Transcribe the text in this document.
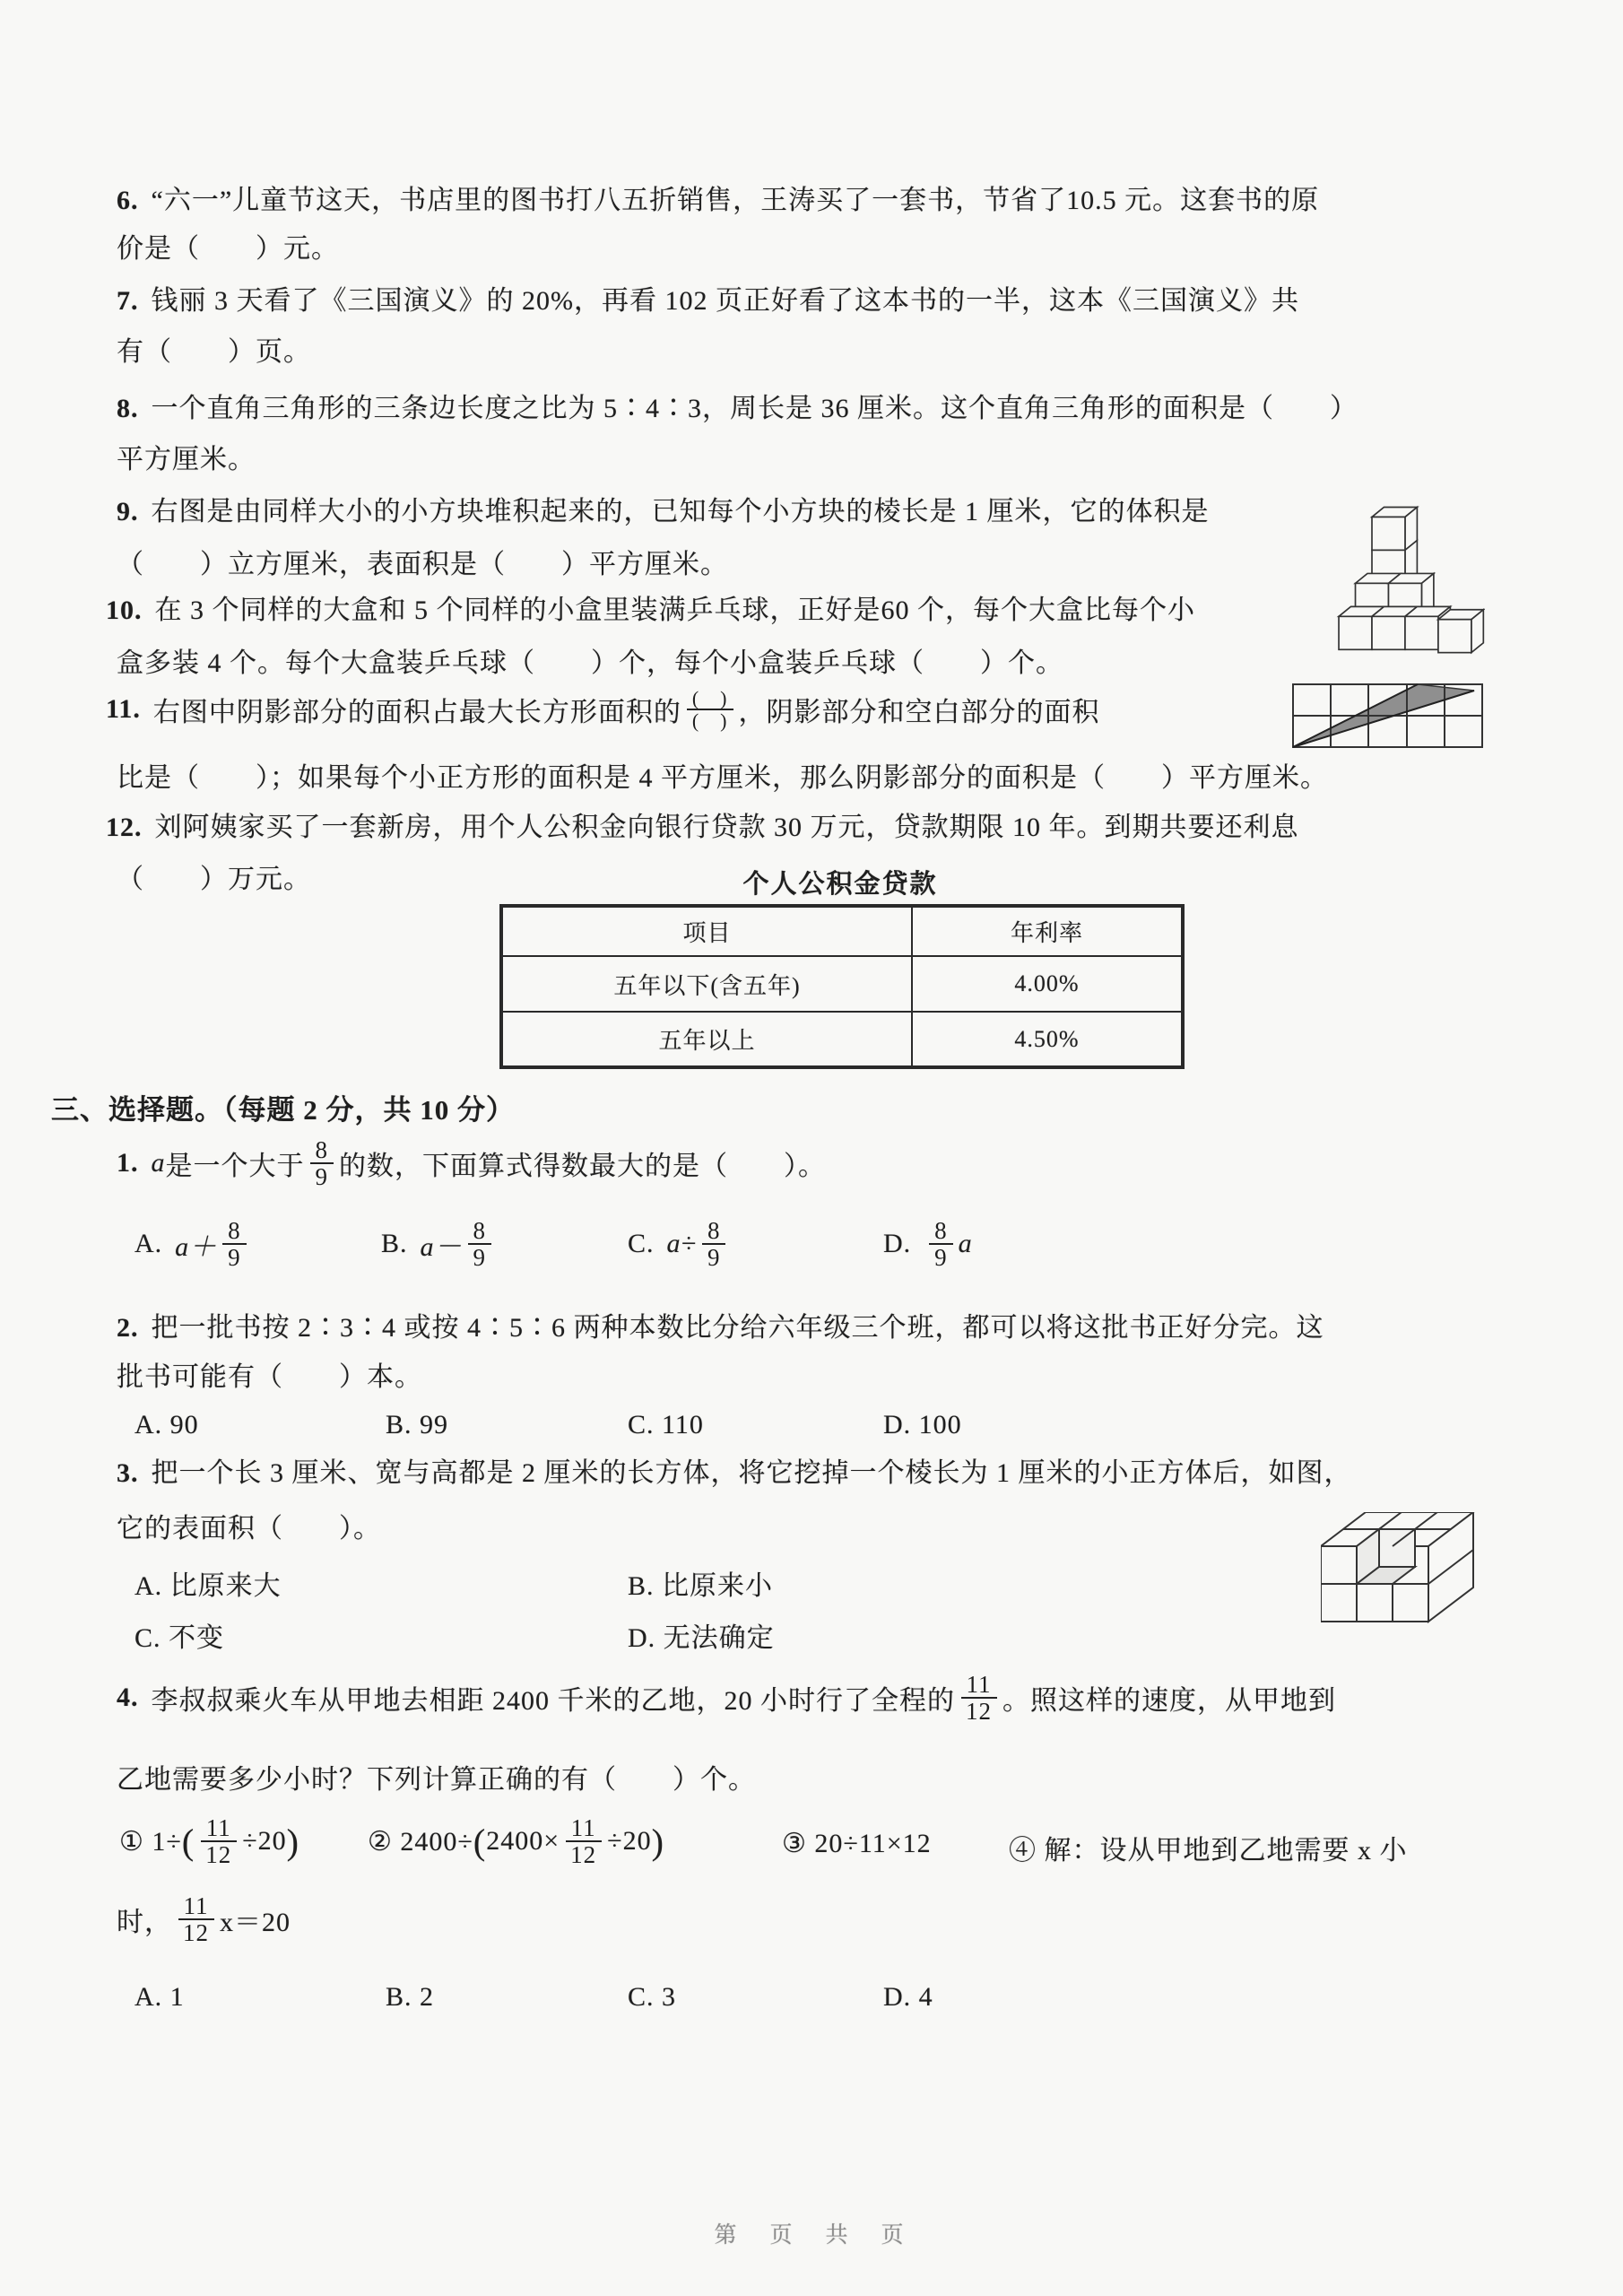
6. “六一”儿童节这天，书店里的图书打八五折销售，王涛买了一套书，节省了10.5 元。这套书的原
价是（　　）元。
7. 钱丽 3 天看了《三国演义》的 20%，再看 102 页正好看了这本书的一半，这本《三国演义》共
有（　　）页。
8. 一个直角三角形的三条边长度之比为 5∶4∶3，周长是 36 厘米。这个直角三角形的面积是（　　）
平方厘米。
9. 右图是由同样大小的小方块堆积起来的，已知每个小方块的棱长是 1 厘米，它的体积是
（　　）立方厘米，表面积是（　　）平方厘米。
10. 在 3 个同样的大盒和 5 个同样的小盒里装满乒乓球，正好是60 个，每个大盒比每个小
盒多装 4 个。每个大盒装乒乓球（　　）个，每个小盒装乒乓球（　　）个。
11. 右图中阴影部分的面积占最大长方形面积的 (　)
(　) ，阴影部分和空白部分的面积
比是（　　）；如果每个小正方形的面积是 4 平方厘米，那么阴影部分的面积是（　　）平方厘米。
12. 刘阿姨家买了一套新房，用个人公积金向银行贷款 30 万元，贷款期限 10 年。到期共要还利息
（　　）万元。	个人公积金贷款
项目	年利率
五年以下(含五年)	4.00%
五年以上	4.50%
三、选择题。（每题 2 分，共 10 分）
1. a 是一个大于
8
9 的数，下面算式得数最大的是（　　）。
A. a＋
8
9	B. a－
8
9	C. $a\div \frac{8}{9}$	D. 8
9 a
2. 把一批书按 2∶3∶4 或按 4∶5∶6 两种本数比分给六年级三个班，都可以将这批书正好分完。这
批书可能有（　　）本。
A. 90	B. 99	C. 110	D. 100
3. 把一个长 3 厘米、宽与高都是 2 厘米的长方体，将它挖掉一个棱长为 1 厘米的小正方体后，如图，
它的表面积（　　）。
A. 比原来大	B. 比原来小
C. 不变	D. 无法确定
4. 李叔叔乘火车从甲地去相距 2400 千米的乙地，20 小时行了全程的
11
12 。照这样的速度，从甲地到
乙地需要多少小时？下列计算正确的有（　　）个。
① 1÷ ( $\frac{11}{12} \div 20$ )	② 2400÷ ( $2400\times \frac{11}{12} \div 20$ )	③ 20÷11×12	④ 解：设从甲地到乙地需要 x 小
时，
11
12 x＝20
A. 1	B. 2	C. 3	D. 4
第　页　共　页
